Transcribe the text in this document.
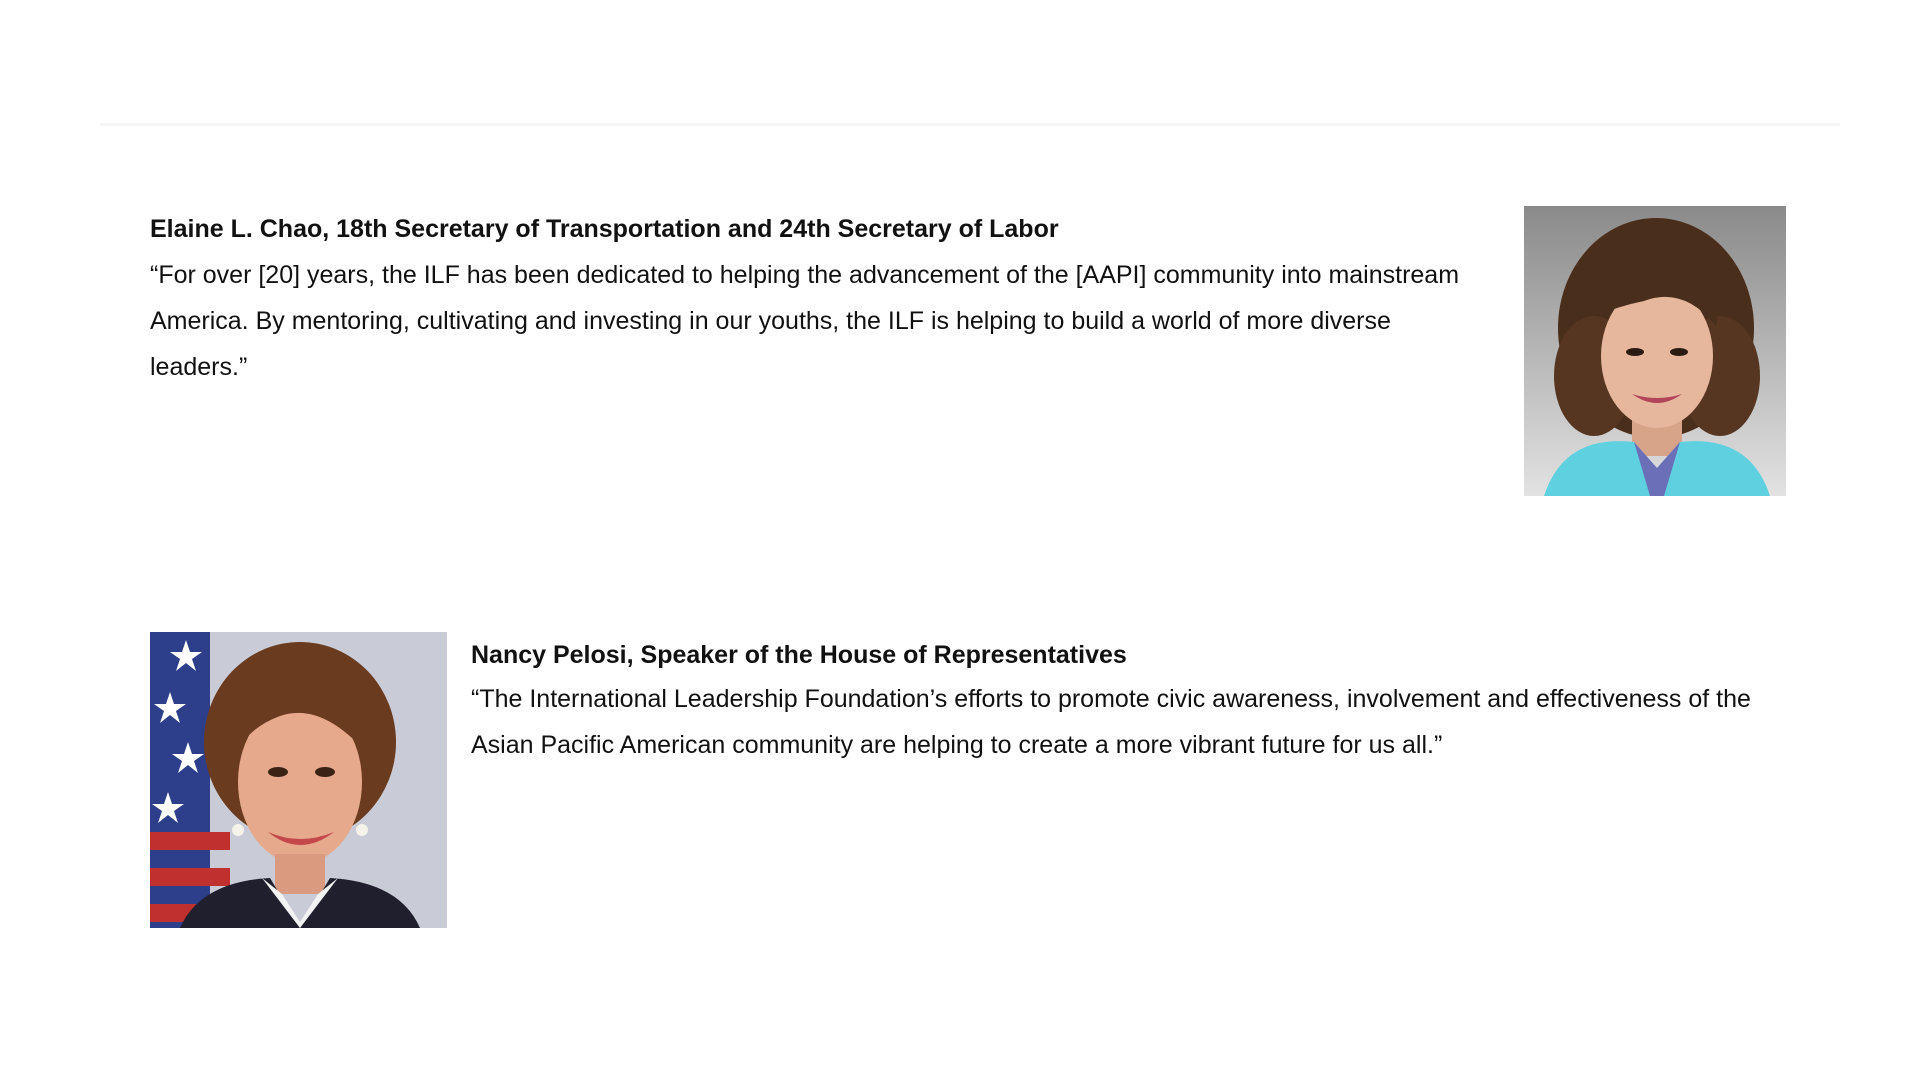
Elaine L. Chao, 18th Secretary of Transportation and 24th Secretary of Labor

“For over [20] years, the ILF has been dedicated to helping the advancement of the [AAPI] community into mainstream America. By mentoring, cultivating and investing in our youths, the ILF is helping to build a world of more diverse leaders.”

Nancy Pelosi, Speaker of the House of Representatives

“The International Leadership Foundation’s efforts to promote civic awareness, involvement and effectiveness of the Asian Pacific American community are helping to create a more vibrant future for us all.”
